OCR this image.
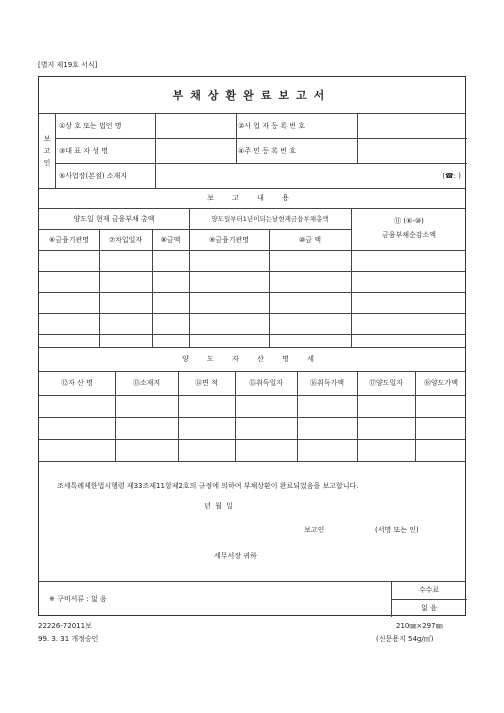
[별지 제19호 서식]
부채상환완료보고서
보고인
①상 호 또는 법인 명	②사 업 자 등 록 번 호
③대 표 자 성 명	④주 민 등 록 번 호
⑤사업장(본점) 소재지	(☎: )
보 고 내 용
양도일 현재 금융부채 총액	양도일부터1년이되는날현재금융부채총액	⑪ (⑥-⑩)
금융부채순감소액
⑥금융기관명	⑦차입일자	⑧금액	⑨금융기관명	⑩금 액
양 도 자 산 명 세
⑫자 산 명	⑬소재지	⑭면 적	⑮취득일자	⑯취득가액	⑰양도일자	⑱양도가액
조세특례제한법시행령 제33조제11항제2호의 규정에 의하여 부채상환이 완료되었음을 보고합니다.
년 월 일
보고인	(서명 또는 인)
세무서장 귀하
※ 구비서류 : 없 음
수수료
없 음
22226-72011보
99. 3. 31 개정승인
210㎜×297㎜
(신문용지 54g/㎡)
